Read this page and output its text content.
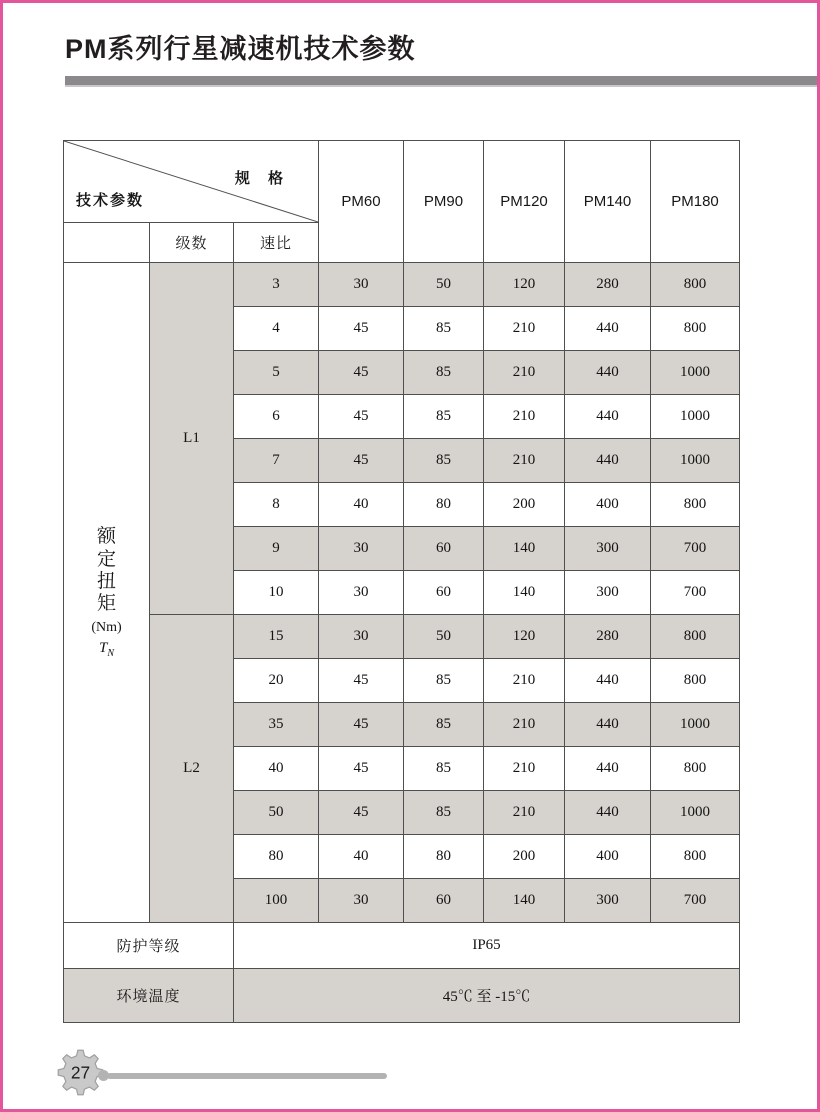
PM系列行星减速机技术参数
规 格
技术参数			PM60	PM90	PM120	PM140	PM180
	级数	速比					

额定扭矩
(Nm)
$T_N$	L1	3	30	50	120	280	800
		4	45	85	210	440	800
		5	45	85	210	440	1000
		6	45	85	210	440	1000
		7	45	85	210	440	1000
		8	40	80	200	400	800
		9	30	60	140	300	700
		10	30	60	140	300	700
	L2	15	30	50	120	280	800
		20	45	85	210	440	800
		35	45	85	210	440	1000
		40	45	85	210	440	800
		50	45	85	210	440	1000
		80	40	80	200	400	800
		100	30	60	140	300	700
防护等级		IP65					
环境温度		45℃ 至 -15℃					
27
